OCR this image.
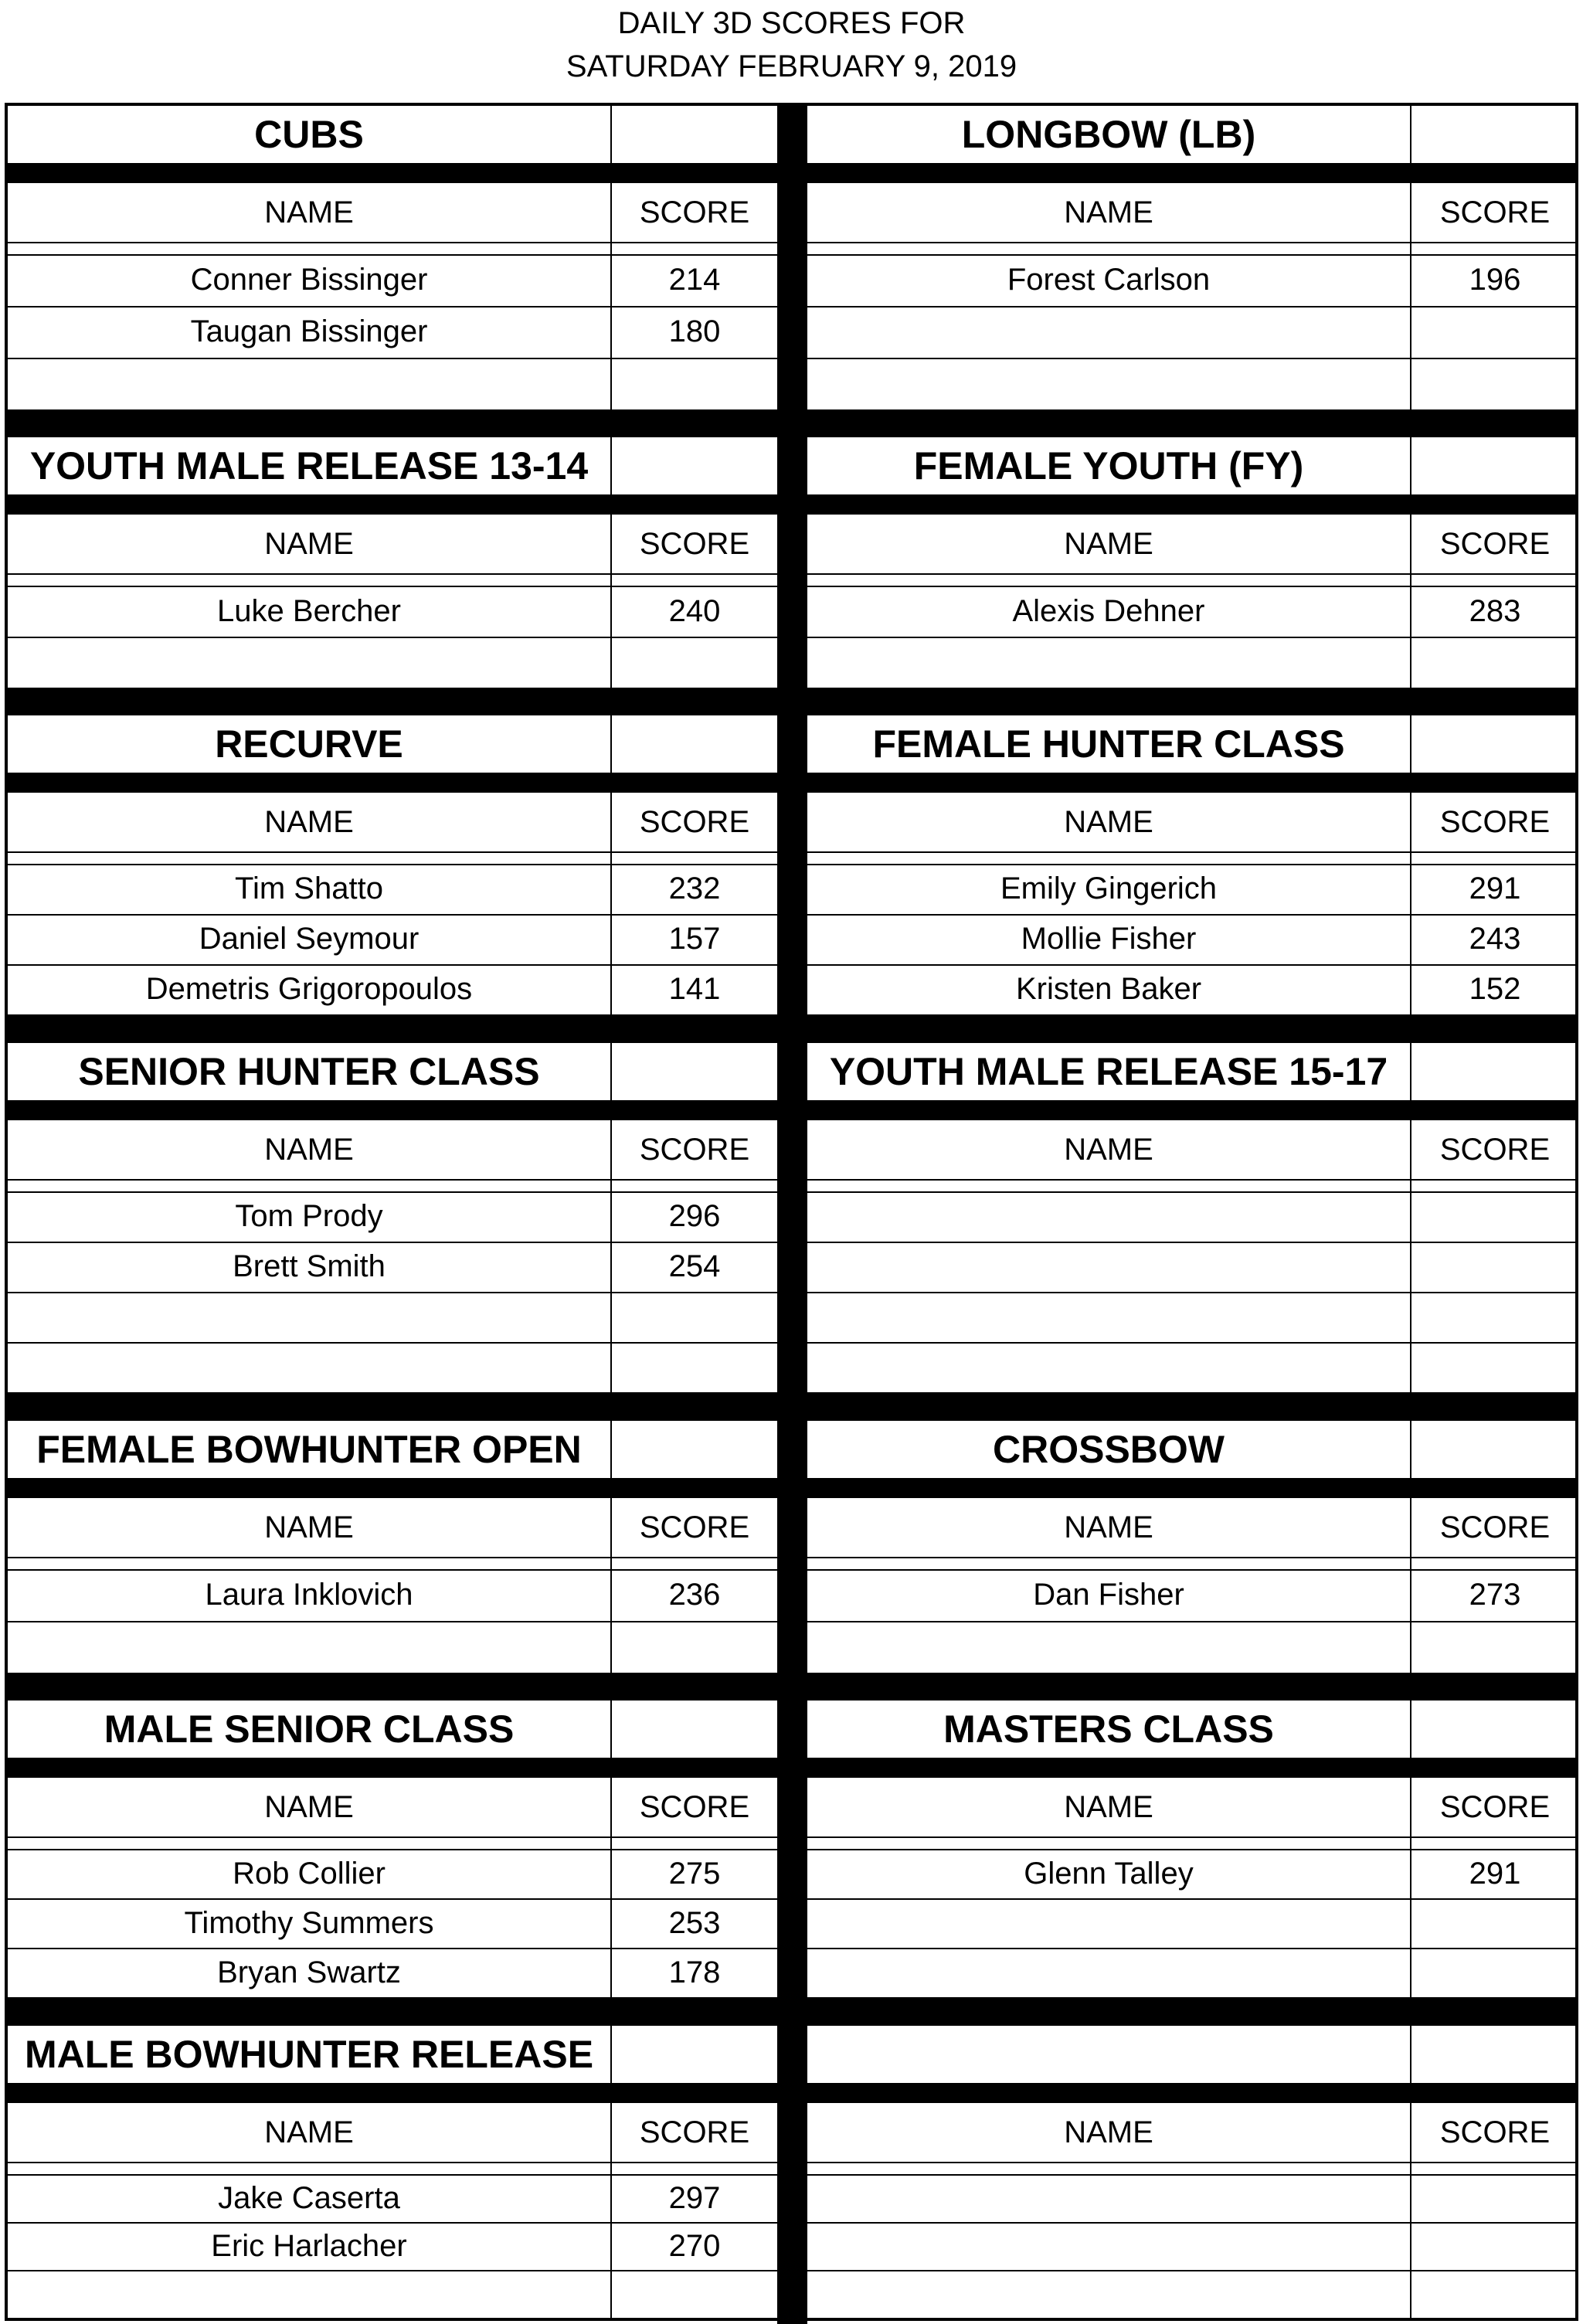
DAILY 3D SCORES FOR
SATURDAY FEBRUARY 9, 2019
CUBS
NAME	SCORE
Conner Bissinger	214
Taugan Bissinger	180
YOUTH MALE RELEASE 13-14
NAME	SCORE
Luke Bercher	240
RECURVE
NAME	SCORE
Tim Shatto	232
Daniel Seymour	157
Demetris Grigoropoulos	141
SENIOR HUNTER CLASS
NAME	SCORE
Tom Prody	296
Brett Smith	254
FEMALE BOWHUNTER OPEN
NAME	SCORE
Laura Inklovich	236
MALE SENIOR CLASS
NAME	SCORE
Rob Collier	275
Timothy Summers	253
Bryan Swartz	178
MALE BOWHUNTER RELEASE
NAME	SCORE
Jake Caserta	297
Eric Harlacher	270
LONGBOW (LB)
NAME	SCORE
Forest Carlson	196
FEMALE YOUTH (FY)
NAME	SCORE
Alexis Dehner	283
FEMALE HUNTER CLASS
NAME	SCORE
Emily Gingerich	291
Mollie Fisher	243
Kristen Baker	152
YOUTH MALE RELEASE 15-17
NAME	SCORE
CROSSBOW
NAME	SCORE
Dan Fisher	273
MASTERS CLASS
NAME	SCORE
Glenn Talley	291
NAME	SCORE
